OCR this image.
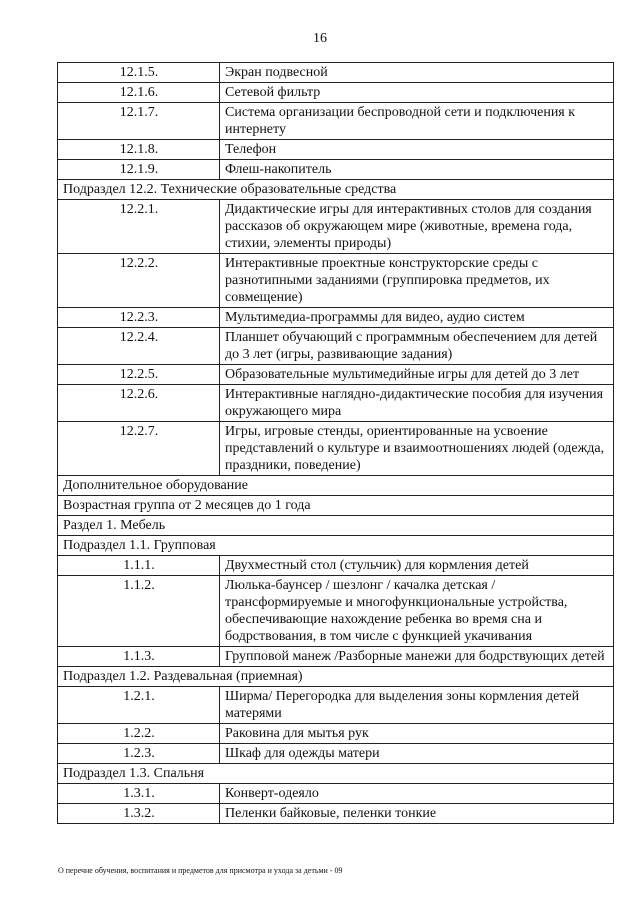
16
12.1.5.	Экран подвесной
12.1.6.	Сетевой фильтр
12.1.7.	Система организации беспроводной сети и подключения к интернету
12.1.8.	Телефон
12.1.9.	Флеш-накопитель
Подраздел 12.2. Технические образовательные средства	
12.2.1.	Дидактические игры для интерактивных столов для создания рассказов об окружающем мире (животные, времена года, стихии, элементы природы)
12.2.2.	Интерактивные проектные конструкторские среды с разнотипными заданиями (группировка предметов, их совмещение)
12.2.3.	Мультимедиа-программы для видео, аудио систем
12.2.4.	Планшет обучающий с программным обеспечением для детей до 3 лет (игры, развивающие задания)
12.2.5.	Образовательные мультимедийные игры для детей до 3 лет
12.2.6.	Интерактивные наглядно-дидактические пособия для изучения окружающего мира
12.2.7.	Игры, игровые стенды, ориентированные на усвоение представлений о культуре и взаимоотношениях людей (одежда, праздники, поведение)
Дополнительное оборудование	
Возрастная группа от 2 месяцев до 1 года	
Раздел 1. Мебель	
Подраздел 1.1. Групповая	
1.1.1.	Двухместный стол (стульчик) для кормления детей
1.1.2.	Люлька-баунсер / шезлонг / качалка детская / трансформируемые и многофункциональные устройства, обеспечивающие нахождение ребенка во время сна и бодрствования, в том числе с функцией укачивания
1.1.3.	Групповой манеж /Разборные манежи для бодрствующих детей
Подраздел 1.2. Раздевальная (приемная)	
1.2.1.	Ширма/ Перегородка для выделения зоны кормления детей матерями
1.2.2.	Раковина для мытья рук
1.2.3.	Шкаф для одежды матери
Подраздел 1.3. Спальня	
1.3.1.	Конверт-одеяло
1.3.2.	Пеленки байковые, пеленки тонкие
О перечне обучения, воспитания и предметов для присмотра и ухода за детьми - 09
